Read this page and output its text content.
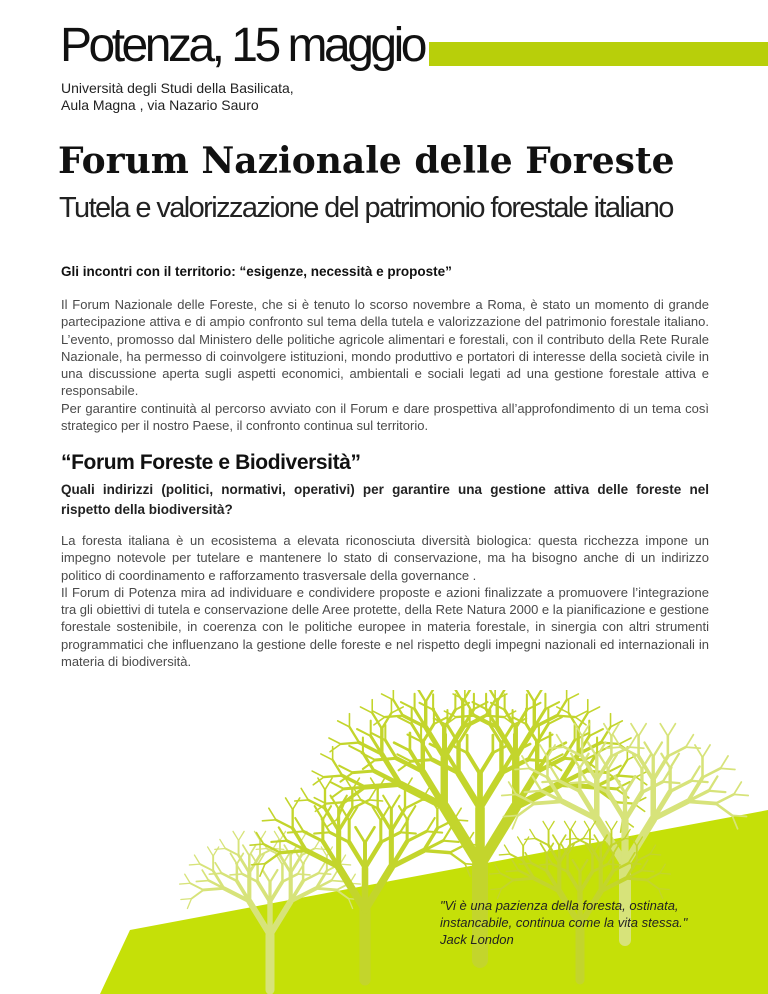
Potenza, 15 maggio

Università degli Studi della Basilicata,
Aula Magna , via Nazario Sauro

Forum Nazionale delle Foreste
Tutela e valorizzazione del patrimonio forestale italiano
Gli incontri con il territorio: “esigenze, necessità e proposte”

Il Forum Nazionale delle Foreste, che si è tenuto lo scorso novembre a Roma, è stato un momento di grande partecipazione attiva e di ampio confronto sul tema della tutela e valorizzazione del patrimonio forestale italiano. L’evento, promosso dal Ministero delle politiche agricole alimentari e forestali, con il contributo della Rete Rurale Nazionale, ha permesso di coinvolgere istituzioni, mondo produttivo e portatori di interesse della società civile in una discussione aperta sugli aspetti economici, ambientali e sociali legati ad una gestione forestale attiva e responsabile.

Per garantire continuità al percorso avviato con il Forum e dare prospettiva all’approfondimento di un tema così strategico per il nostro Paese, il confronto continua sul territorio.

“Forum Foreste e Biodiversità”

Quali indirizzi (politici, normativi, operativi) per garantire una gestione attiva delle foreste nel rispetto della biodiversità?

La foresta italiana è un ecosistema a elevata riconosciuta diversità biologica: questa ricchezza impone un impegno notevole per tutelare e mantenere lo stato di conservazione, ma ha bisogno anche di un indirizzo politico di coordinamento e rafforzamento trasversale della governance .

Il Forum di Potenza mira ad individuare e condividere proposte e azioni finalizzate a promuovere l’integrazione tra gli obiettivi di tutela e conservazione delle Aree protette, della Rete Natura 2000 e la pianificazione e gestione forestale sostenibile, in coerenza con le politiche europee in materia forestale, in sinergia con altri strumenti programmatici che influenzano la gestione delle foreste e nel rispetto degli impegni nazionali ed internazionali in materia di biodiversità.

"Vi è una pazienza della foresta, ostinata,
instancabile, continua come la vita stessa."
Jack London
